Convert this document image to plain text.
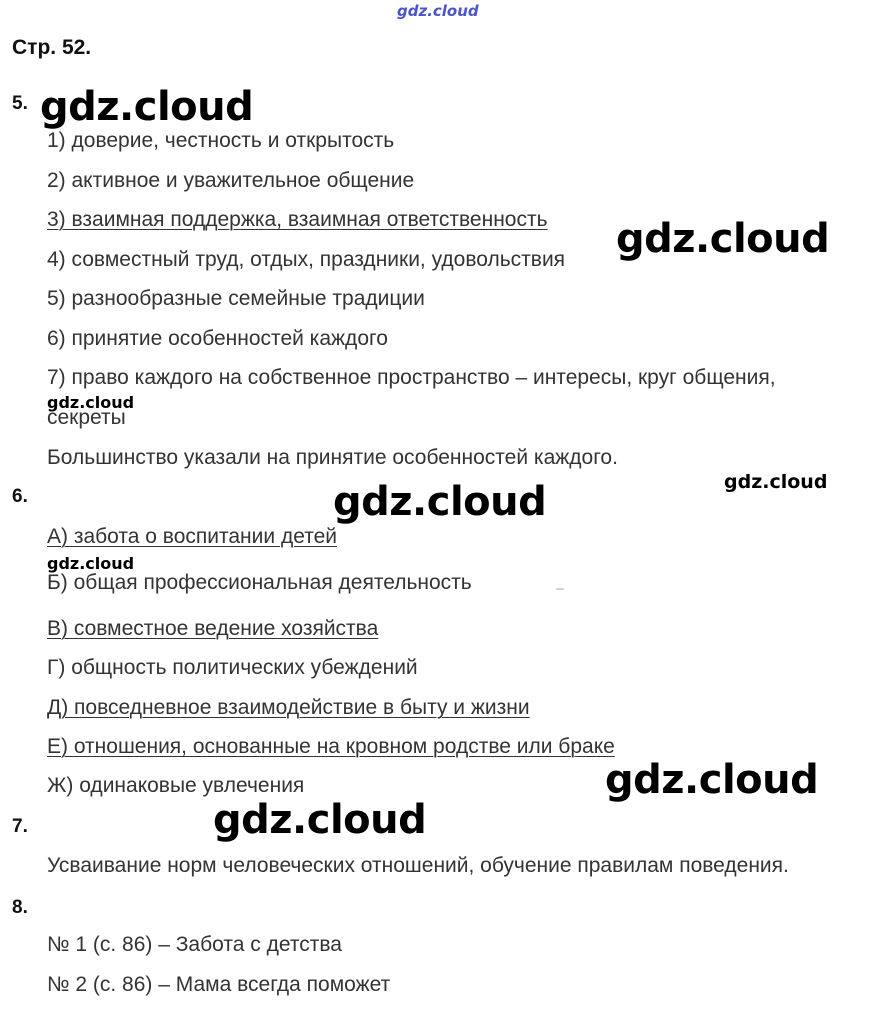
gdz.cloud
gdz.cloud
gdz.cloud
gdz.cloud
gdz.cloud	gdz.cloud
gdz.cloud
gdz.cloud
gdz.cloud
Стр. 52.
5.
1) доверие, честность и открытость
2) активное и уважительное общение
3) взаимная поддержка, взаимная ответственность
4) совместный труд, отдых, праздники, удовольствия
5) разнообразные семейные традиции
6) принятие особенностей каждого
7) право каждого на собственное пространство – интересы, круг общения,
секреты
Большинство указали на принятие особенностей каждого.
6.
А) забота о воспитании детей
Б) общая профессиональная деятельность
В) совместное ведение хозяйства
Г) общность политических убеждений
Д) повседневное взаимодействие в быту и жизни
Е) отношения, основанные на кровном родстве или браке
Ж) одинаковые увлечения
7.
Усваивание норм человеческих отношений, обучение правилам поведения.
8.
№ 1 (с. 86) – Забота с детства
№ 2 (с. 86) – Мама всегда поможет
